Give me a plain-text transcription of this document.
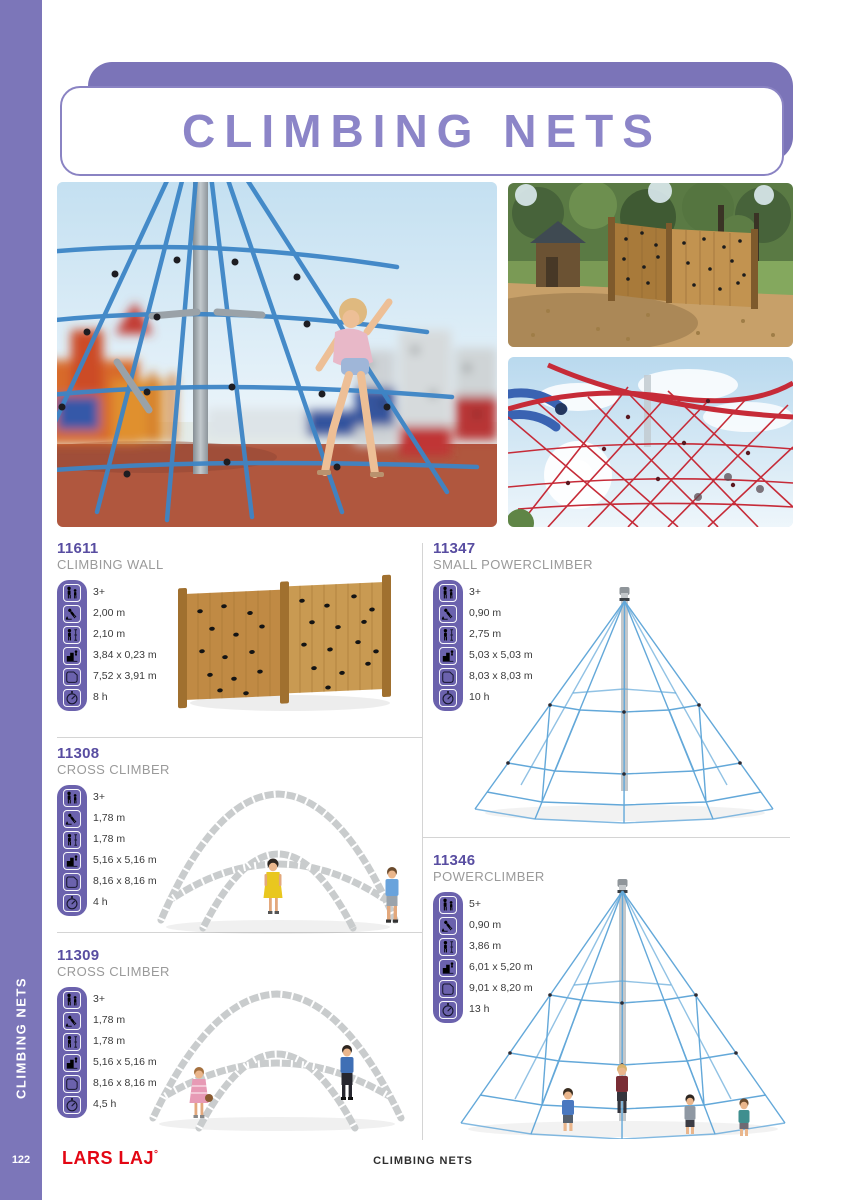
CLIMBING NETS
122
CLIMBING NETS
11611
CLIMBING WALL
3+
2,00 m
2,10 m
3,84 x 0,23 m
7,52 x 3,91 m
8 h
11347
SMALL POWERCLIMBER
3+
0,90 m
2,75 m
5,03 x 5,03 m
8,03 x 8,03 m
10 h
11308
CROSS CLIMBER
3+
1,78 m
1,78 m
5,16 x 5,16 m
8,16 x 8,16 m
4 h
11309
CROSS CLIMBER
3+
1,78 m
1,78 m
5,16 x 5,16 m
8,16 x 8,16 m
4,5 h
11346
POWERCLIMBER
5+
0,90 m
3,86 m
6,01 x 5,20 m
9,01 x 8,20 m
13 h
LARS LAJ°
CLIMBING NETS
